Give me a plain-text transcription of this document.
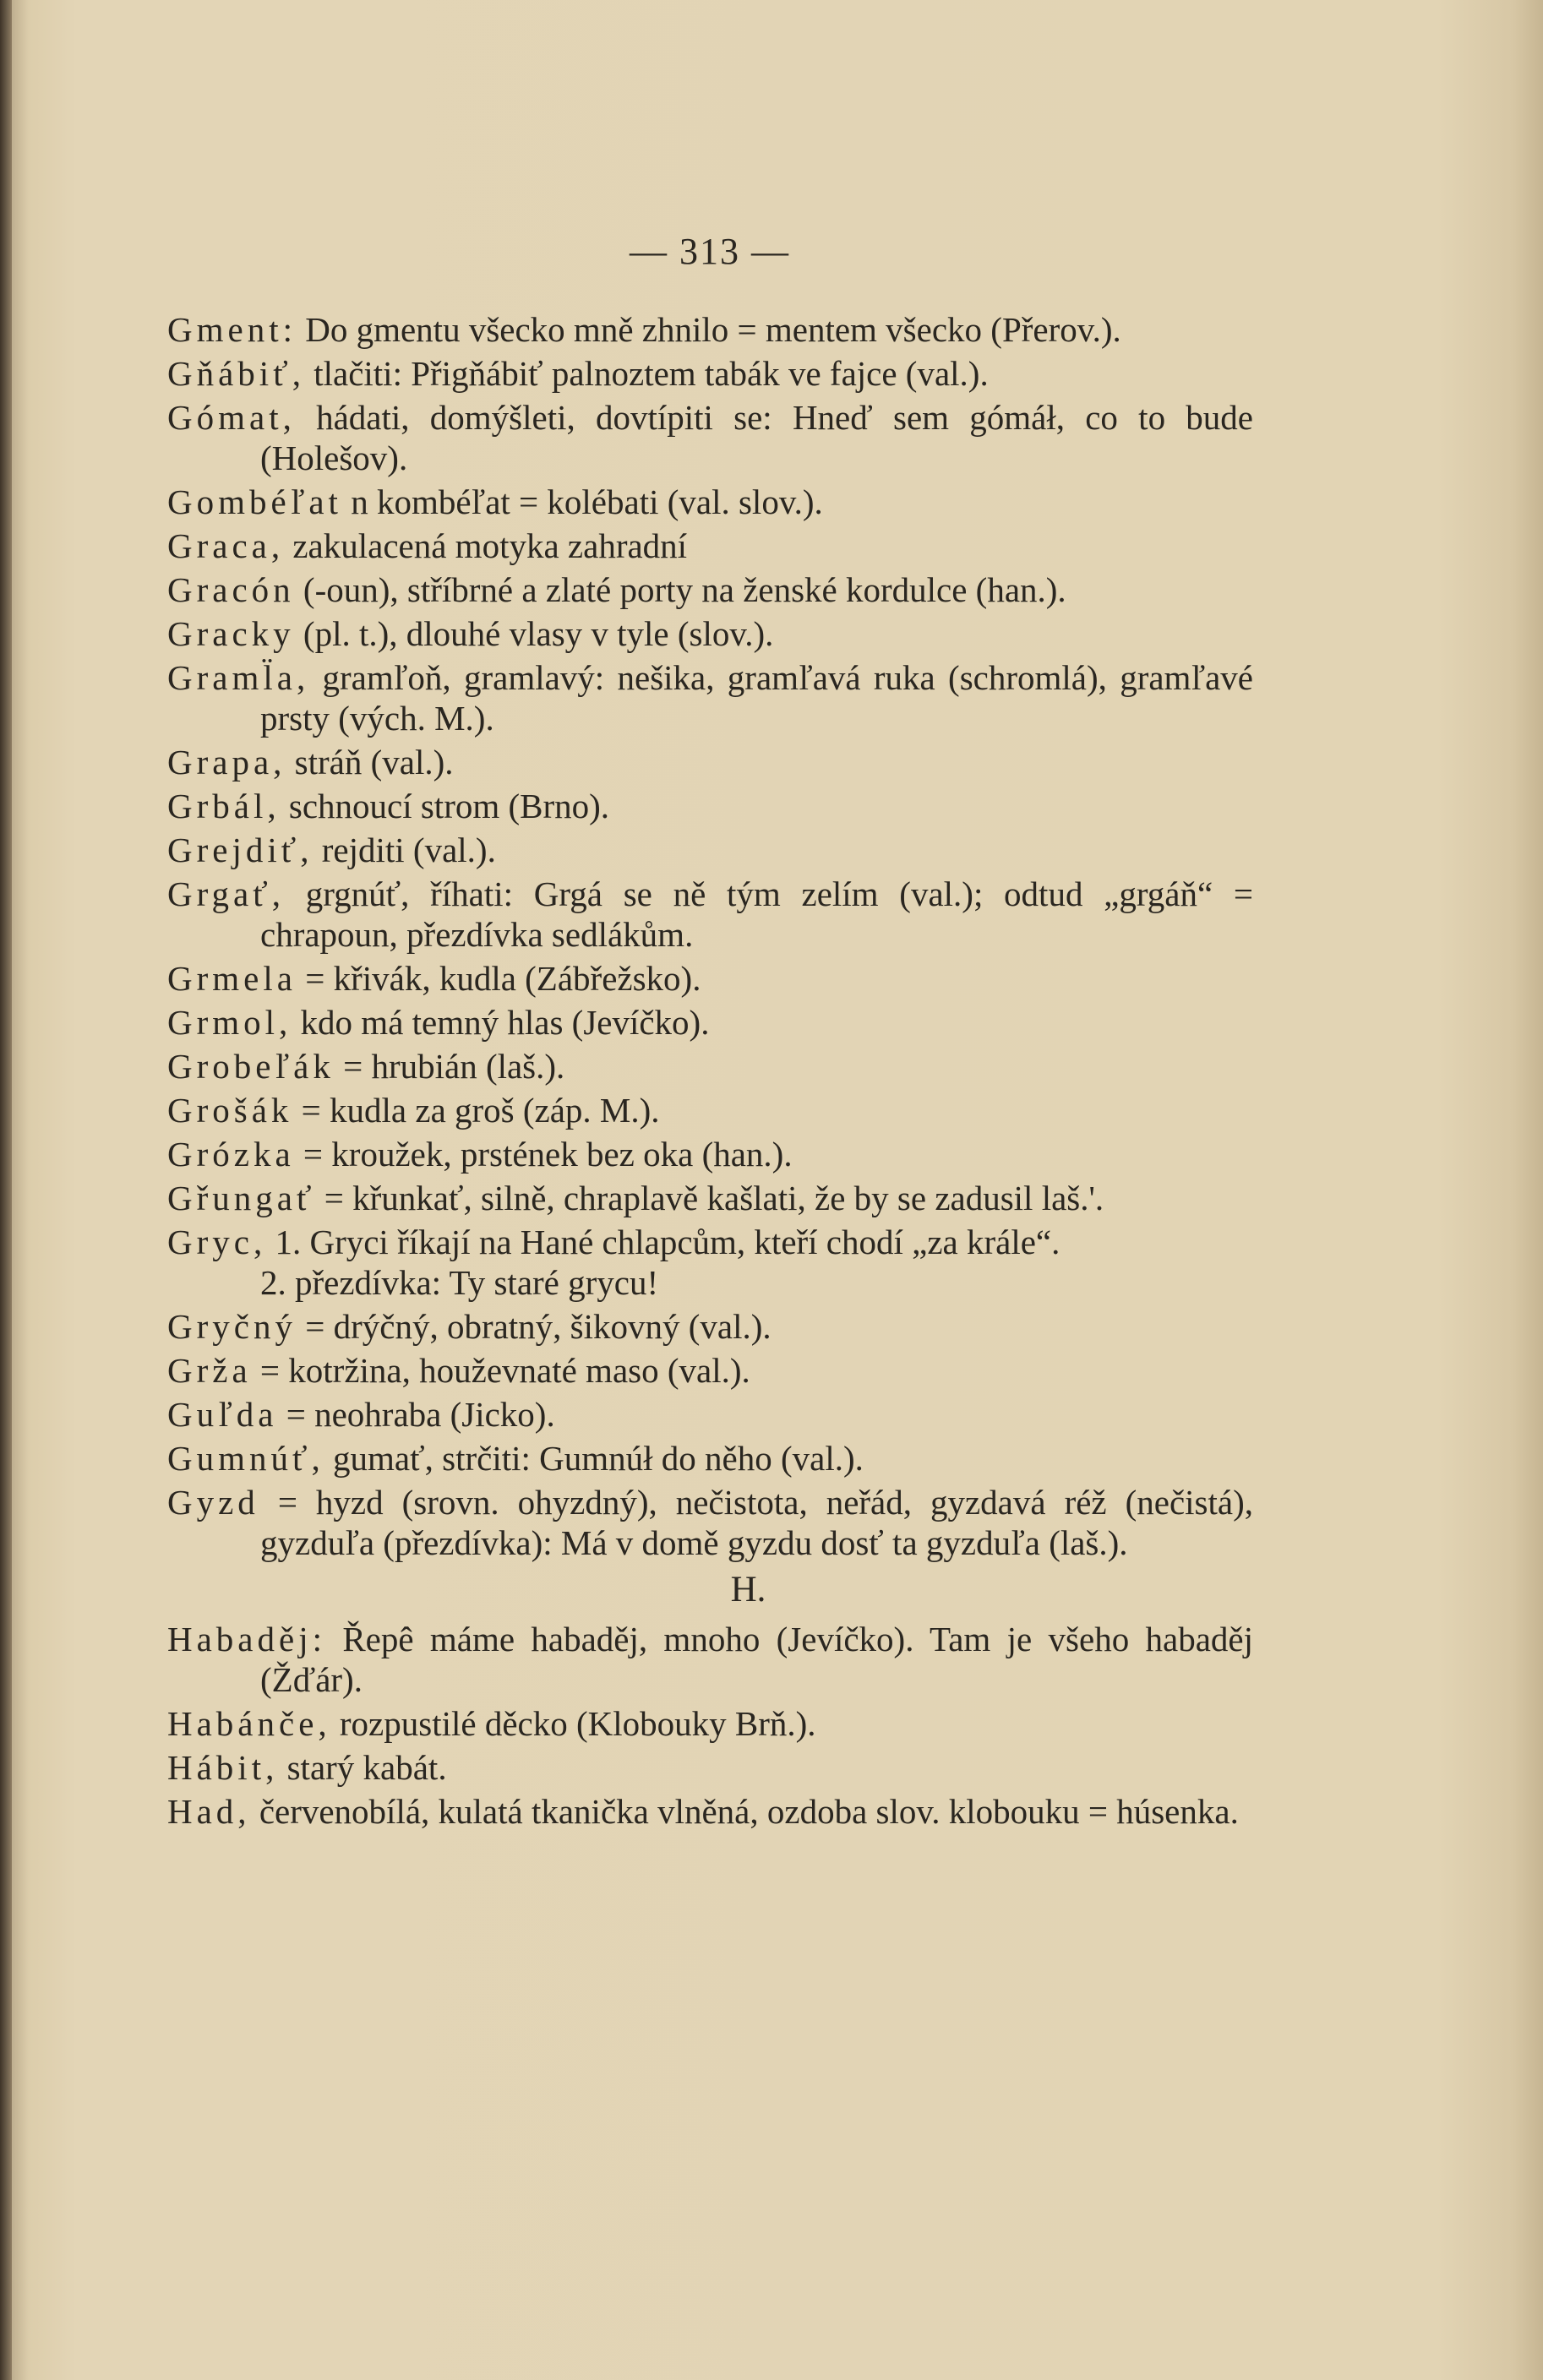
— 313 —

Gment: Do gmentu všecko mně zhnilo = mentem všecko (Přerov.).

Gňábiť, tlačiti: Přigňábiť palnoztem tabák ve fajce (val.).

Gómat, hádati, domýšleti, dovtípiti se: Hneď sem gómáł, co to bude (Holešov).

Gombéľat n kombéľat = kolébati (val. slov.).

Graca, zakulacená motyka zahradní

Gracón (-oun), stříbrné a zlaté porty na ženské kordulce (han.).

Gracky (pl. t.), dlouhé vlasy v tyle (slov.).

Graml̈a, gramľoň, gramlavý: nešika, gramľavá ruka (schromlá), gramľavé prsty (vých. M.).

Grapa, stráň (val.).

Grbál, schnoucí strom (Brno).

Grejdiť, rejditi (val.).

Grgať, grgnúť, říhati: Grgá se ně tým zelím (val.); odtud „grgáň“ = chrapoun, přezdívka sedlákům.

Grmela = křivák, kudla (Zábřežsko).

Grmol, kdo má temný hlas (Jevíčko).

Grobeľák = hrubián (laš.).

Grošák = kudla za groš (záp. M.).

Grózka = kroužek, prstének bez oka (han.).

Gřungať = křunkať, silně, chraplavě kašlati, že by se zadusil laš.'.

Gryc, 1. Gryci říkají na Hané chlapcům, kteří chodí „za krále“.
2. přezdívka: Ty staré grycu!

Gryčný = drýčný, obratný, šikovný (val.).

Grža = kotržina, houževnaté maso (val.).

Guľda = neohraba (Jicko).

Gumnúť, gumať, strčiti: Gumnúł do něho (val.).

Gyzd = hyzd (srovn. ohyzdný), nečistota, neřád, gyzdavá réž (nečistá), gyzduľa (přezdívka): Má v domě gyzdu dosť ta gyzduľa (laš.).

H.

Habaděj: Řepê máme habaděj, mnoho (Jevíčko). Tam je všeho habaděj (Žďár).

Habánče, rozpustilé děcko (Klobouky Brň.).

Hábit, starý kabát.

Had, červenobílá, kulatá tkanička vlněná, ozdoba slov. klobouku = húsenka.
